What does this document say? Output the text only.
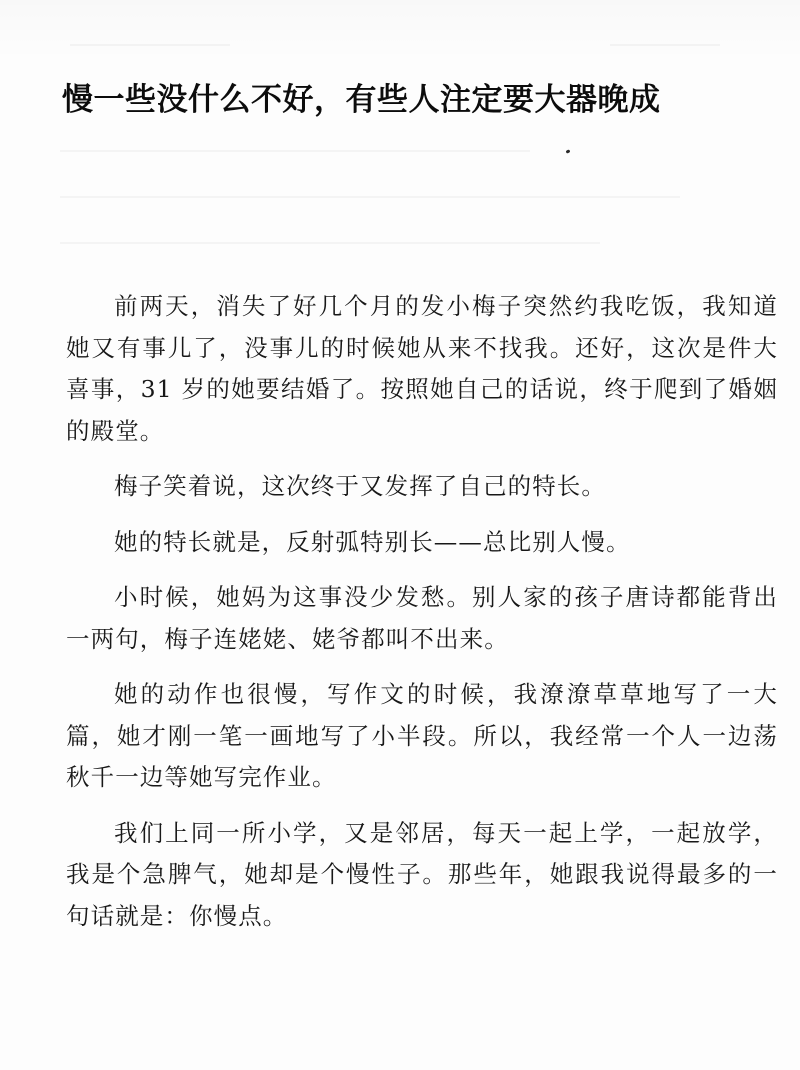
慢一些没什么不好，有些人注定要大器晚成

前两天，消失了好几个月的发小梅子突然约我吃饭，我知道她又有事儿了，没事儿的时候她从来不找我。还好，这次是件大喜事，31 岁的她要结婚了。按照她自己的话说，终于爬到了婚姻的殿堂。

梅子笑着说，这次终于又发挥了自己的特长。

她的特长就是，反射弧特别长——总比别人慢。

小时候，她妈为这事没少发愁。别人家的孩子唐诗都能背出一两句，梅子连姥姥、姥爷都叫不出来。

她的动作也很慢，写作文的时候，我潦潦草草地写了一大篇，她才刚一笔一画地写了小半段。所以，我经常一个人一边荡秋千一边等她写完作业。

我们上同一所小学，又是邻居，每天一起上学，一起放学，我是个急脾气，她却是个慢性子。那些年，她跟我说得最多的一句话就是：你慢点。
